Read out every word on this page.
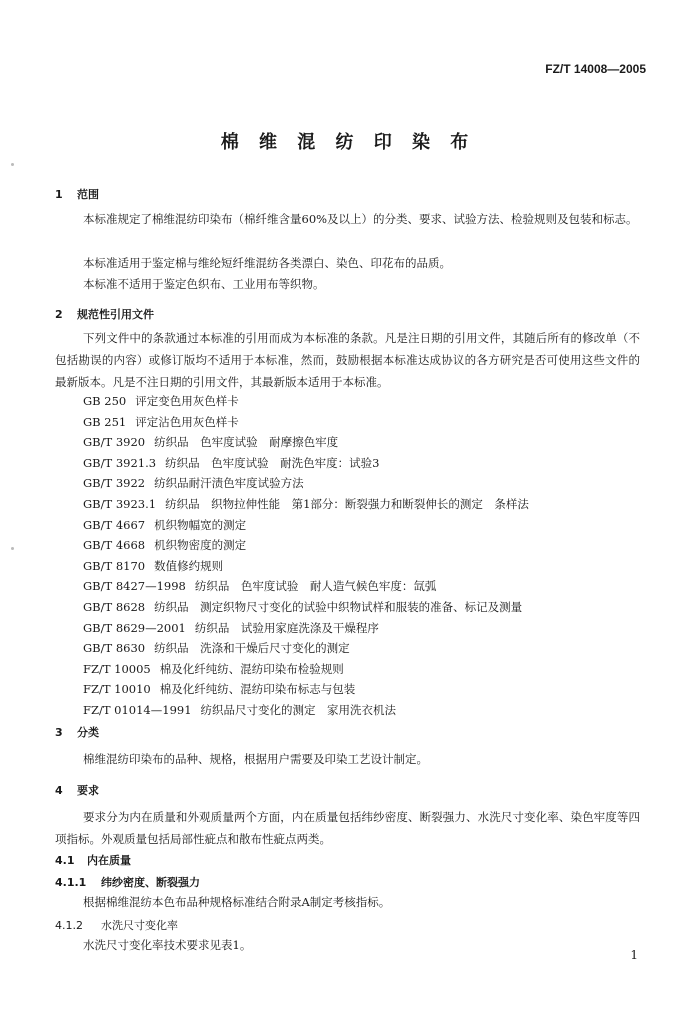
FZ/T 14008—2005
棉 维 混 纺 印 染 布
1 范围
本标准规定了棉维混纺印染布（棉纤维含量60%及以上）的分类、要求、试验方法、检验规则及包装和标志。
本标准适用于鉴定棉与维纶短纤维混纺各类漂白、染色、印花布的品质。
本标准不适用于鉴定色织布、工业用布等织物。
2 规范性引用文件
下列文件中的条款通过本标准的引用而成为本标准的条款。凡是注日期的引用文件，其随后所有的修改单（不包括勘误的内容）或修订版均不适用于本标准，然而，鼓励根据本标准达成协议的各方研究是否可使用这些文件的最新版本。凡是不注日期的引用文件，其最新版本适用于本标准。
GB 250 评定变色用灰色样卡
GB 251 评定沾色用灰色样卡
GB/T 3920 纺织品　色牢度试验　耐摩擦色牢度
GB/T 3921.3 纺织品　色牢度试验　耐洗色牢度：试验3
GB/T 3922 纺织品耐汗渍色牢度试验方法
GB/T 3923.1 纺织品　织物拉伸性能　第1部分：断裂强力和断裂伸长的测定　条样法
GB/T 4667 机织物幅宽的测定
GB/T 4668 机织物密度的测定
GB/T 8170 数值修约规则
GB/T 8427—1998 纺织品　色牢度试验　耐人造气候色牢度：氙弧
GB/T 8628 纺织品　测定织物尺寸变化的试验中织物试样和服装的准备、标记及测量
GB/T 8629—2001 纺织品　试验用家庭洗涤及干燥程序
GB/T 8630 纺织品　洗涤和干燥后尺寸变化的测定
FZ/T 10005 棉及化纤纯纺、混纺印染布检验规则
FZ/T 10010 棉及化纤纯纺、混纺印染布标志与包装
FZ/T 01014—1991 纺织品尺寸变化的测定　家用洗衣机法
3 分类
棉维混纺印染布的品种、规格，根据用户需要及印染工艺设计制定。
4 要求
要求分为内在质量和外观质量两个方面，内在质量包括纬纱密度、断裂强力、水洗尺寸变化率、染色牢度等四项指标。外观质量包括局部性疵点和散布性疵点两类。
4.1 内在质量
4.1.1 纬纱密度、断裂强力
根据棉维混纺本色布品种规格标准结合附录A制定考核指标。
4.1.2 水洗尺寸变化率
水洗尺寸变化率技术要求见表1。
1
